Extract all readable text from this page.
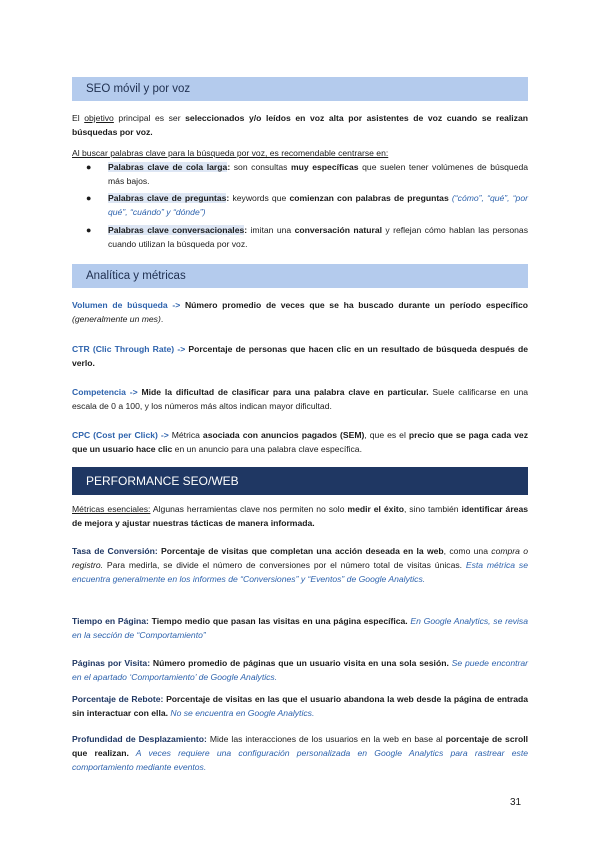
SEO móvil y por voz

El objetivo principal es ser seleccionados y/o leídos en voz alta por asistentes de voz cuando se realizan búsquedas por voz.

Al buscar palabras clave para la búsqueda por voz, es recomendable centrarse en:

● Palabras clave de cola larga: son consultas muy específicas que suelen tener volúmenes de búsqueda más bajos.
● Palabras clave de preguntas: keywords que comienzan con palabras de preguntas (“cómo”, “qué”, “por qué”, “cuándo” y “dónde”)
● Palabras clave conversacionales: imitan una conversación natural y reflejan cómo hablan las personas cuando utilizan la búsqueda por voz.
Analítica y métricas

Volumen de búsqueda -> Número promedio de veces que se ha buscado durante un período específico (generalmente un mes).

CTR (Clic Through Rate) -> Porcentaje de personas que hacen clic en un resultado de búsqueda después de verlo.

Competencia -> Mide la dificultad de clasificar para una palabra clave en particular. Suele calificarse en una escala de 0 a 100, y los números más altos indican mayor dificultad.

CPC (Cost per Click) -> Métrica asociada con anuncios pagados (SEM), que es el precio que se paga cada vez que un usuario hace clic en un anuncio para una palabra clave específica.

PERFORMANCE SEO/WEB

Métricas esenciales: Algunas herramientas clave nos permiten no solo medir el éxito, sino también identificar áreas de mejora y ajustar nuestras tácticas de manera informada.

Tasa de Conversión: Porcentaje de visitas que completan una acción deseada en la web, como una compra o registro. Para medirla, se divide el número de conversiones por el número total de visitas únicas. Esta métrica se encuentra generalmente en los informes de “Conversiones” y “Eventos” de Google Analytics.

Tiempo en Página: Tiempo medio que pasan las visitas en una página específica. En Google Analytics, se revisa en la sección de “Comportamiento”

Páginas por Visita: Número promedio de páginas que un usuario visita en una sola sesión. Se puede encontrar en el apartado ‘Comportamiento’ de Google Analytics.

Porcentaje de Rebote: Porcentaje de visitas en las que el usuario abandona la web desde la página de entrada sin interactuar con ella. No se encuentra en Google Analytics.

Profundidad de Desplazamiento: Mide las interacciones de los usuarios en la web en base al porcentaje de scroll que realizan. A veces requiere una configuración personalizada en Google Analytics para rastrear este comportamiento mediante eventos.

31
